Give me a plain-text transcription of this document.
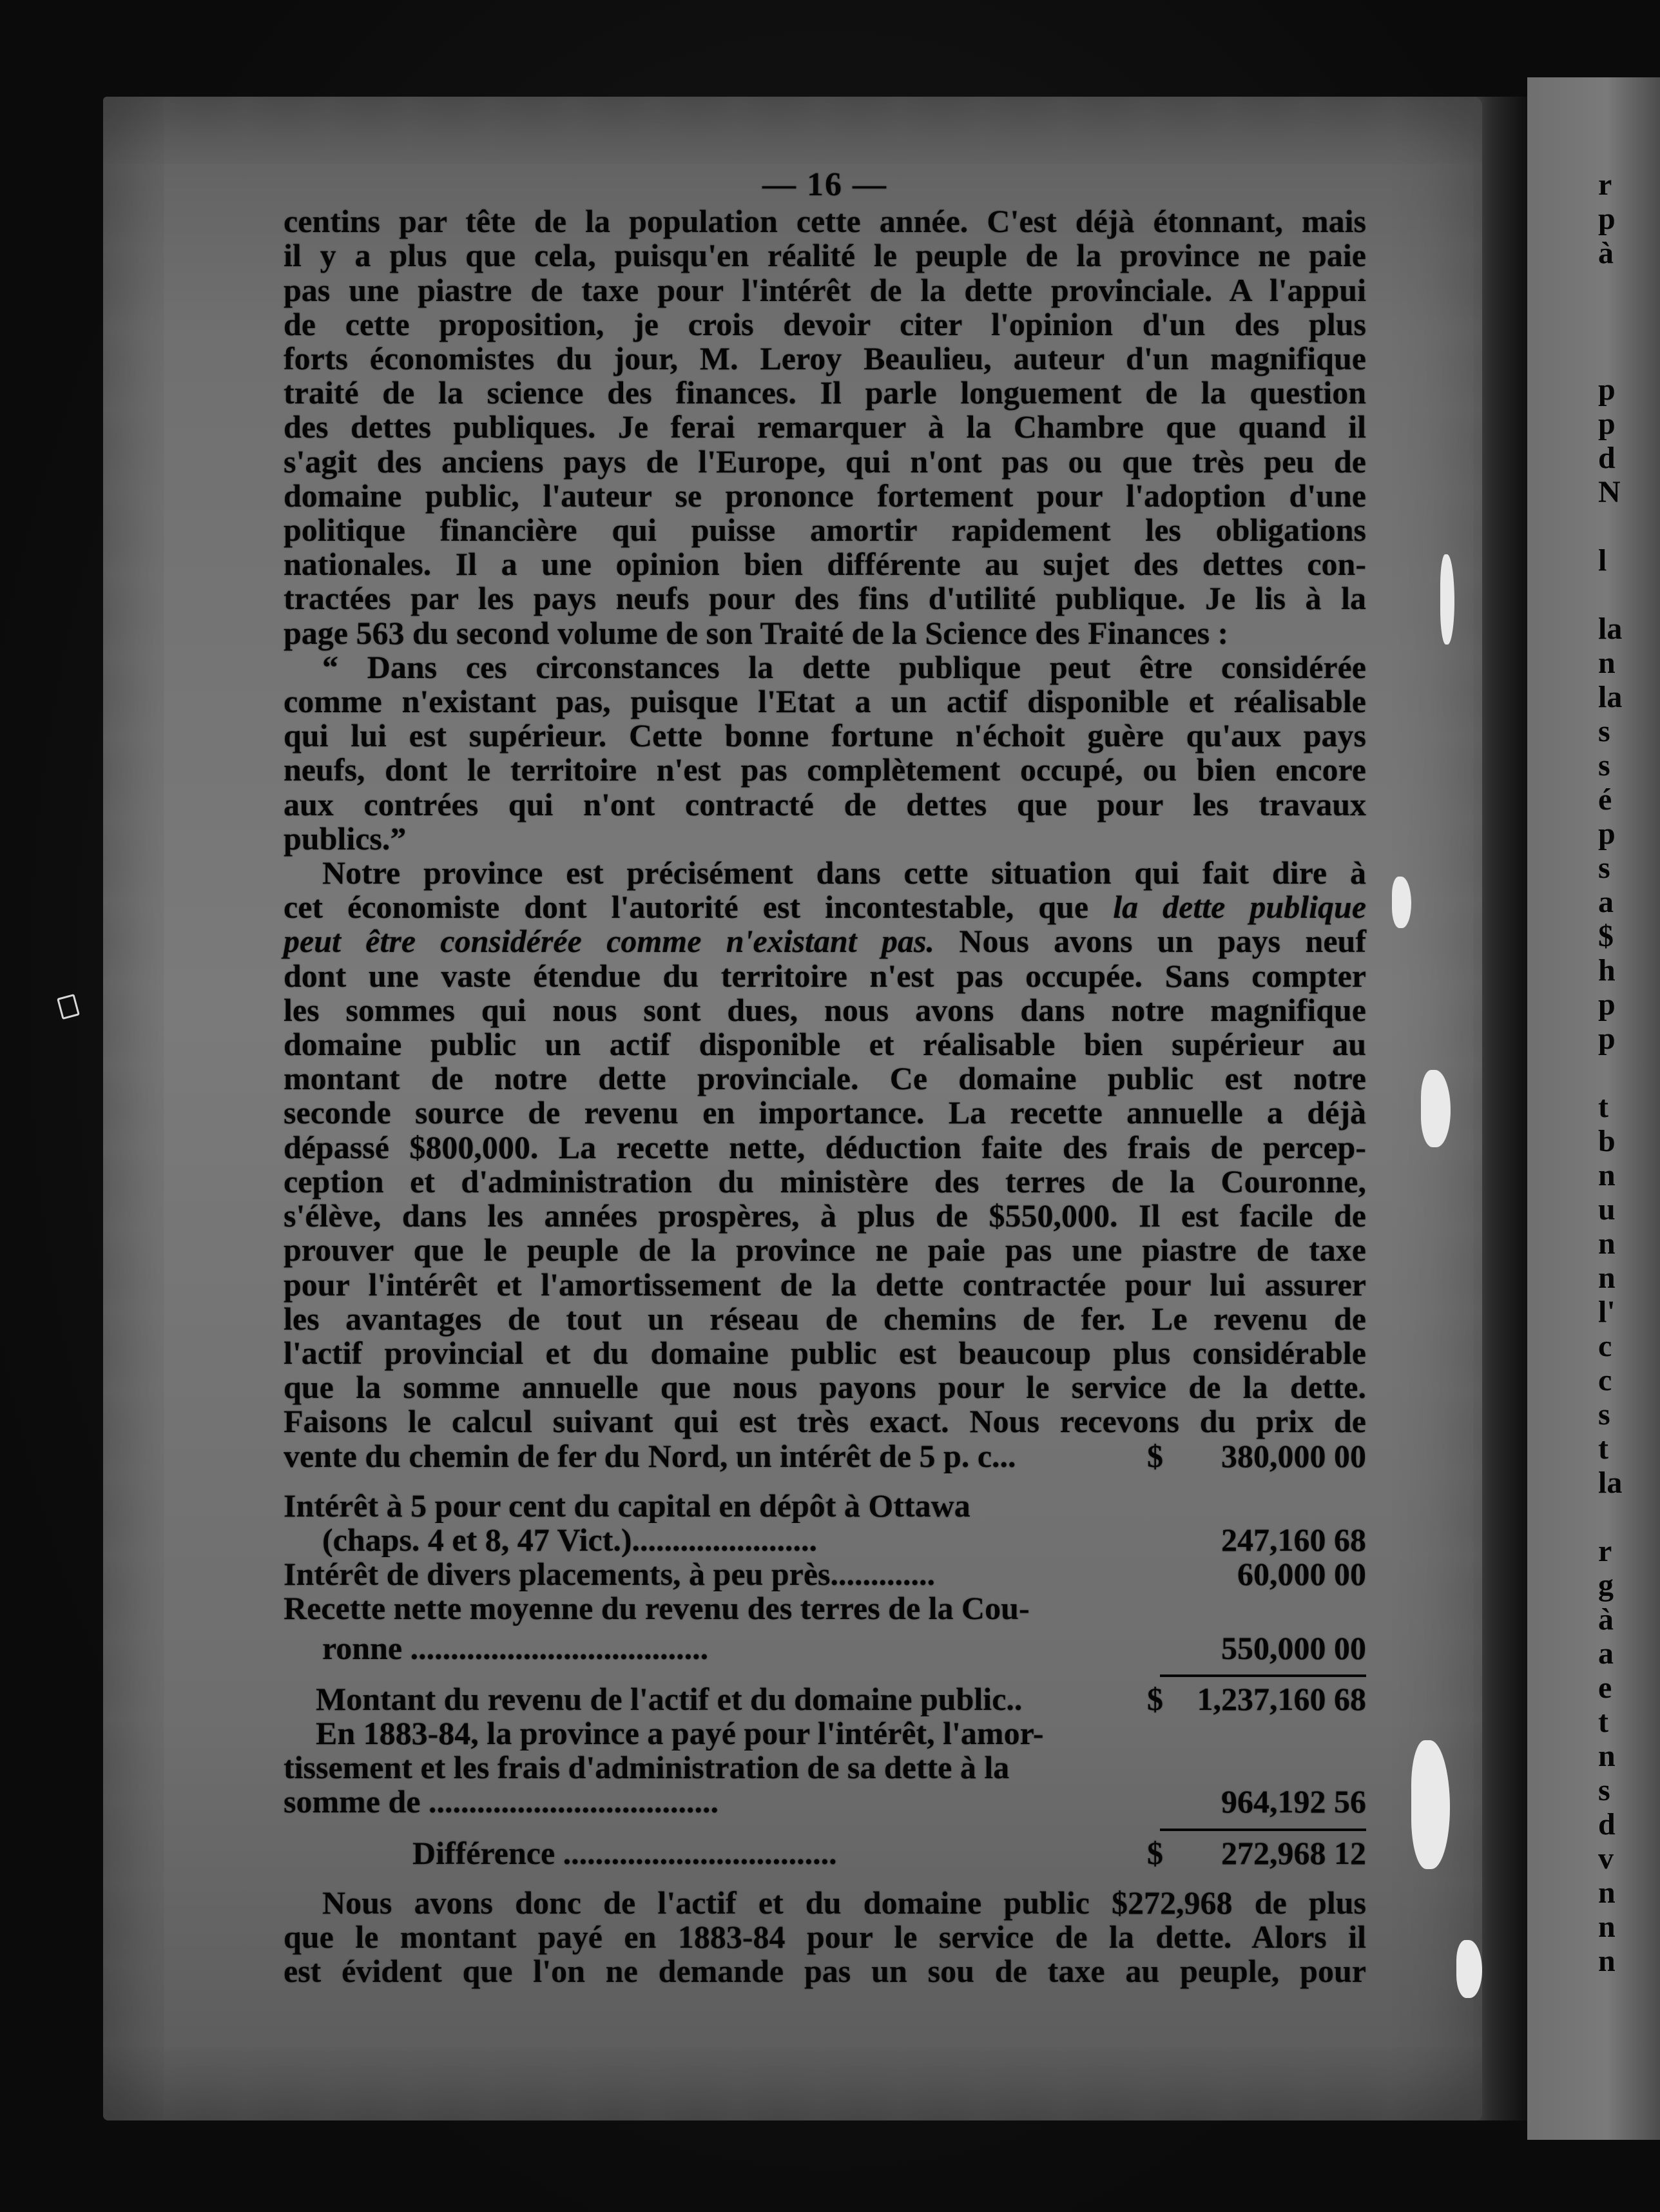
r
p
à
p
p
d
N
l
la
n
la
s
s
é
p
s
a
$
h
p
p
t
b
n
u
n
n
l'
c
c
s
t
la
r
g
à
a
e
t
n
s
d
v
n
n
n
— 16 —
centins par tête de la population cette année. C'est déjà étonnant, mais
il y a plus que cela, puisqu'en réalité le peuple de la province ne paie
pas une piastre de taxe pour l'intérêt de la dette provinciale. A l'appui
de cette proposition, je crois devoir citer l'opinion d'un des plus
forts économistes du jour, M. Leroy Beaulieu, auteur d'un magnifique
traité de la science des finances. Il parle longuement de la question
des dettes publiques. Je ferai remarquer à la Chambre que quand il
s'agit des anciens pays de l'Europe, qui n'ont pas ou que très peu de
domaine public, l'auteur se prononce fortement pour l'adoption d'une
politique financière qui puisse amortir rapidement les obligations
nationales. Il a une opinion bien différente au sujet des dettes con-
tractées par les pays neufs pour des fins d'utilité publique. Je lis à la
page 563 du second volume de son Traité de la Science des Finances :
“ Dans ces circonstances la dette publique peut être considérée
comme n'existant pas, puisque l'Etat a un actif disponible et réalisable
qui lui est supérieur. Cette bonne fortune n'échoit guère qu'aux pays
neufs, dont le territoire n'est pas complètement occupé, ou bien encore
aux contrées qui n'ont contracté de dettes que pour les travaux
publics.”
Notre province est précisément dans cette situation qui fait dire à
cet économiste dont l'autorité est incontestable, que la dette publique
peut être considérée comme n'existant pas. Nous avons un pays neuf
dont une vaste étendue du territoire n'est pas occupée. Sans compter
les sommes qui nous sont dues, nous avons dans notre magnifique
domaine public un actif disponible et réalisable bien supérieur au
montant de notre dette provinciale. Ce domaine public est notre
seconde source de revenu en importance. La recette annuelle a déjà
dépassé $800,000. La recette nette, déduction faite des frais de percep-
ception et d'administration du ministère des terres de la Couronne,
s'élève, dans les années prospères, à plus de $550,000. Il est facile de
prouver que le peuple de la province ne paie pas une piastre de taxe
pour l'intérêt et l'amortissement de la dette contractée pour lui assurer
les avantages de tout un réseau de chemins de fer. Le revenu de
l'actif provincial et du domaine public est beaucoup plus considérable
que la somme annuelle que nous payons pour le service de la dette.
Faisons le calcul suivant qui est très exact. Nous recevons du prix de
vente du chemin de fer du Nord, un intérêt de 5 p. c...	$	380,000 00
Intérêt à 5 pour cent du capital en dépôt à Ottawa
(chaps. 4 et 8, 47 Vict.).......................	247,160 68
Intérêt de divers placements, à peu près.............	60,000 00
Recette nette moyenne du revenu des terres de la Cou-
ronne .....................................	550,000 00
Montant du revenu de l'actif et du domaine public..	$	1,237,160 68
En 1883-84, la province a payé pour l'intérêt, l'amor-
tissement et les frais d'administration de sa dette à la
somme de ....................................	964,192 56
Différence ..................................	$	272,968 12
Nous avons donc de l'actif et du domaine public $272,968 de plus
que le montant payé en 1883-84 pour le service de la dette. Alors il
est évident que l'on ne demande pas un sou de taxe au peuple, pour
